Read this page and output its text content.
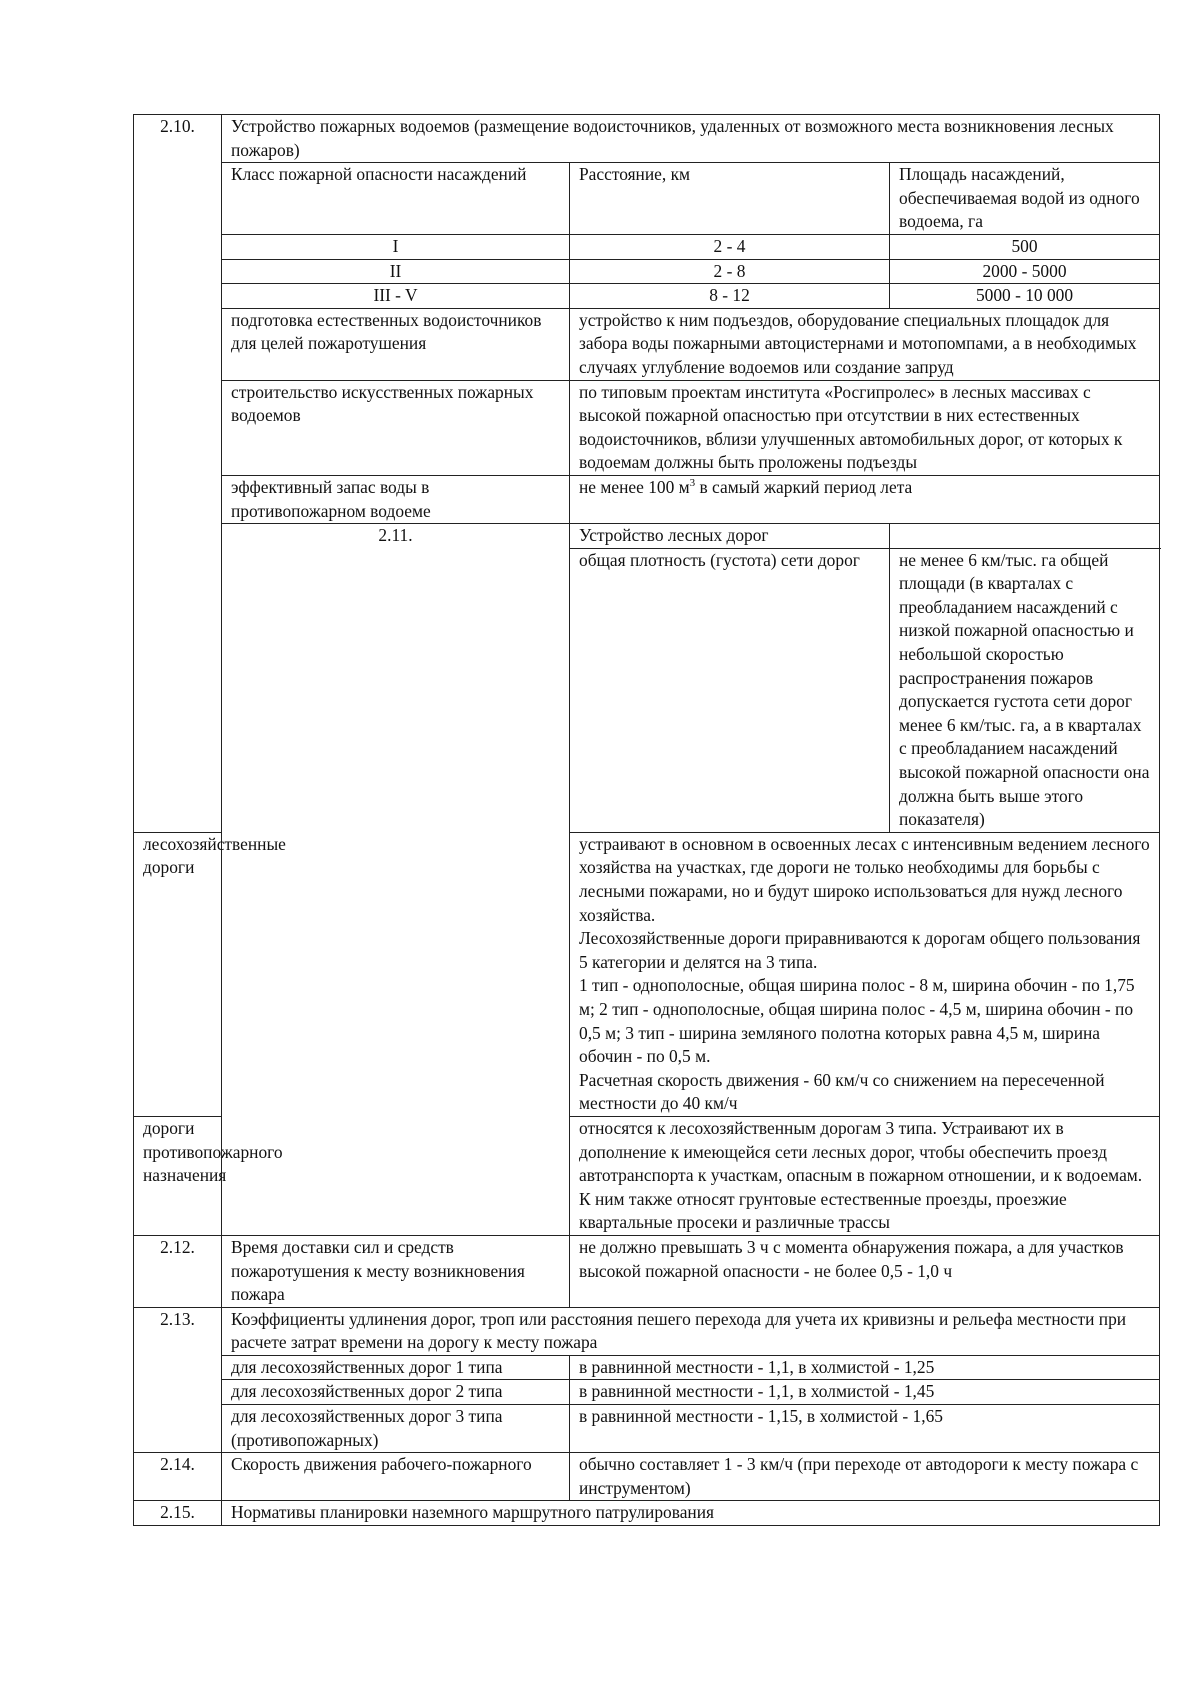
2.10.	Устройство пожарных водоемов (размещение водоисточников, удаленных от возможного места возникновения лесных пожаров)		
	Класс пожарной опасности насаждений	Расстояние, км	Площадь насаждений, обеспечиваемая водой из одного водоема, га
	I	2 - 4	500
	II	2 - 8	2000 - 5000
	III - V	8 - 12	5000 - 10 000
	подготовка естественных водоисточников для целей пожаротушения	устройство к ним подъездов, оборудование специальных площадок для забора воды пожарными автоцистернами и мотопомпами, а в необходимых случаях углубление водоемов или создание запруд	
	строительство искусственных пожарных водоемов	по типовым проектам института «Росгипролес» в лесных массивах с высокой пожарной опасностью при отсутствии в них естественных водоисточников, вблизи улучшенных автомобильных дорог, от которых к водоемам должны быть проложены подъезды	
	эффективный запас воды в противопожарном водоеме	не менее 100 $м^3$ в самый жаркий период лета	
	2.11.	Устройство лесных дорог	
		общая плотность (густота) сети дорог	не менее 6 км/тыс. га общей площади (в кварталах с преобладанием насаждений с низкой пожарной опасностью и небольшой скоростью распространения пожаров допускается густота сети дорог менее 6 км/тыс. га, а в кварталах с преобладанием насаждений высокой пожарной опасности она должна быть выше этого показателя)
лесохозяйственные дороги		устраивают в основном в освоенных лесах с интенсивным ведением лесного хозяйства на участках, где дороги не только необходимы для борьбы с лесными пожарами, но и будут широко использоваться для нужд лесного хозяйства.
Лесохозяйственные дороги приравниваются к дорогам общего пользования 5 категории и делятся на 3 типа.
1 тип - однополосные, общая ширина полос - 8 м, ширина обочин - по 1,75 м; 2 тип - однополосные, общая ширина полос - 4,5 м, ширина обочин - по 0,5 м; 3 тип - ширина земляного полотна которых равна 4,5 м, ширина обочин - по 0,5 м.
Расчетная скорость движения - 60 км/ч со снижением на пересеченной местности до 40 км/ч	

дороги противопожарного назначения		относятся к лесохозяйственным дорогам 3 типа. Устраивают их в дополнение к имеющейся сети лесных дорог, чтобы обеспечить проезд автотранспорта к участкам, опасным в пожарном отношении, и к водоемам. К ним также относят грунтовые естественные проезды, проезжие квартальные просеки и различные трассы	
2.12.	Время доставки сил и средств пожаротушения к месту возникновения пожара	не должно превышать 3 ч с момента обнаружения пожара, а для участков высокой пожарной опасности - не более 0,5 - 1,0 ч	
2.13.	Коэффициенты удлинения дорог, троп или расстояния пешего перехода для учета их кривизны и рельефа местности при расчете затрат времени на дорогу к месту пожара		
	для лесохозяйственных дорог 1 типа	в равнинной местности - 1,1, в холмистой - 1,25	
	для лесохозяйственных дорог 2 типа	в равнинной местности - 1,1, в холмистой - 1,45	
	для лесохозяйственных дорог 3 типа (противопожарных)	в равнинной местности - 1,15, в холмистой - 1,65	
2.14.	Скорость движения рабочего-пожарного	обычно составляет 1 - 3 км/ч (при переходе от автодороги к месту пожара с инструментом)	
2.15.	Нормативы планировки наземного маршрутного патрулирования		
